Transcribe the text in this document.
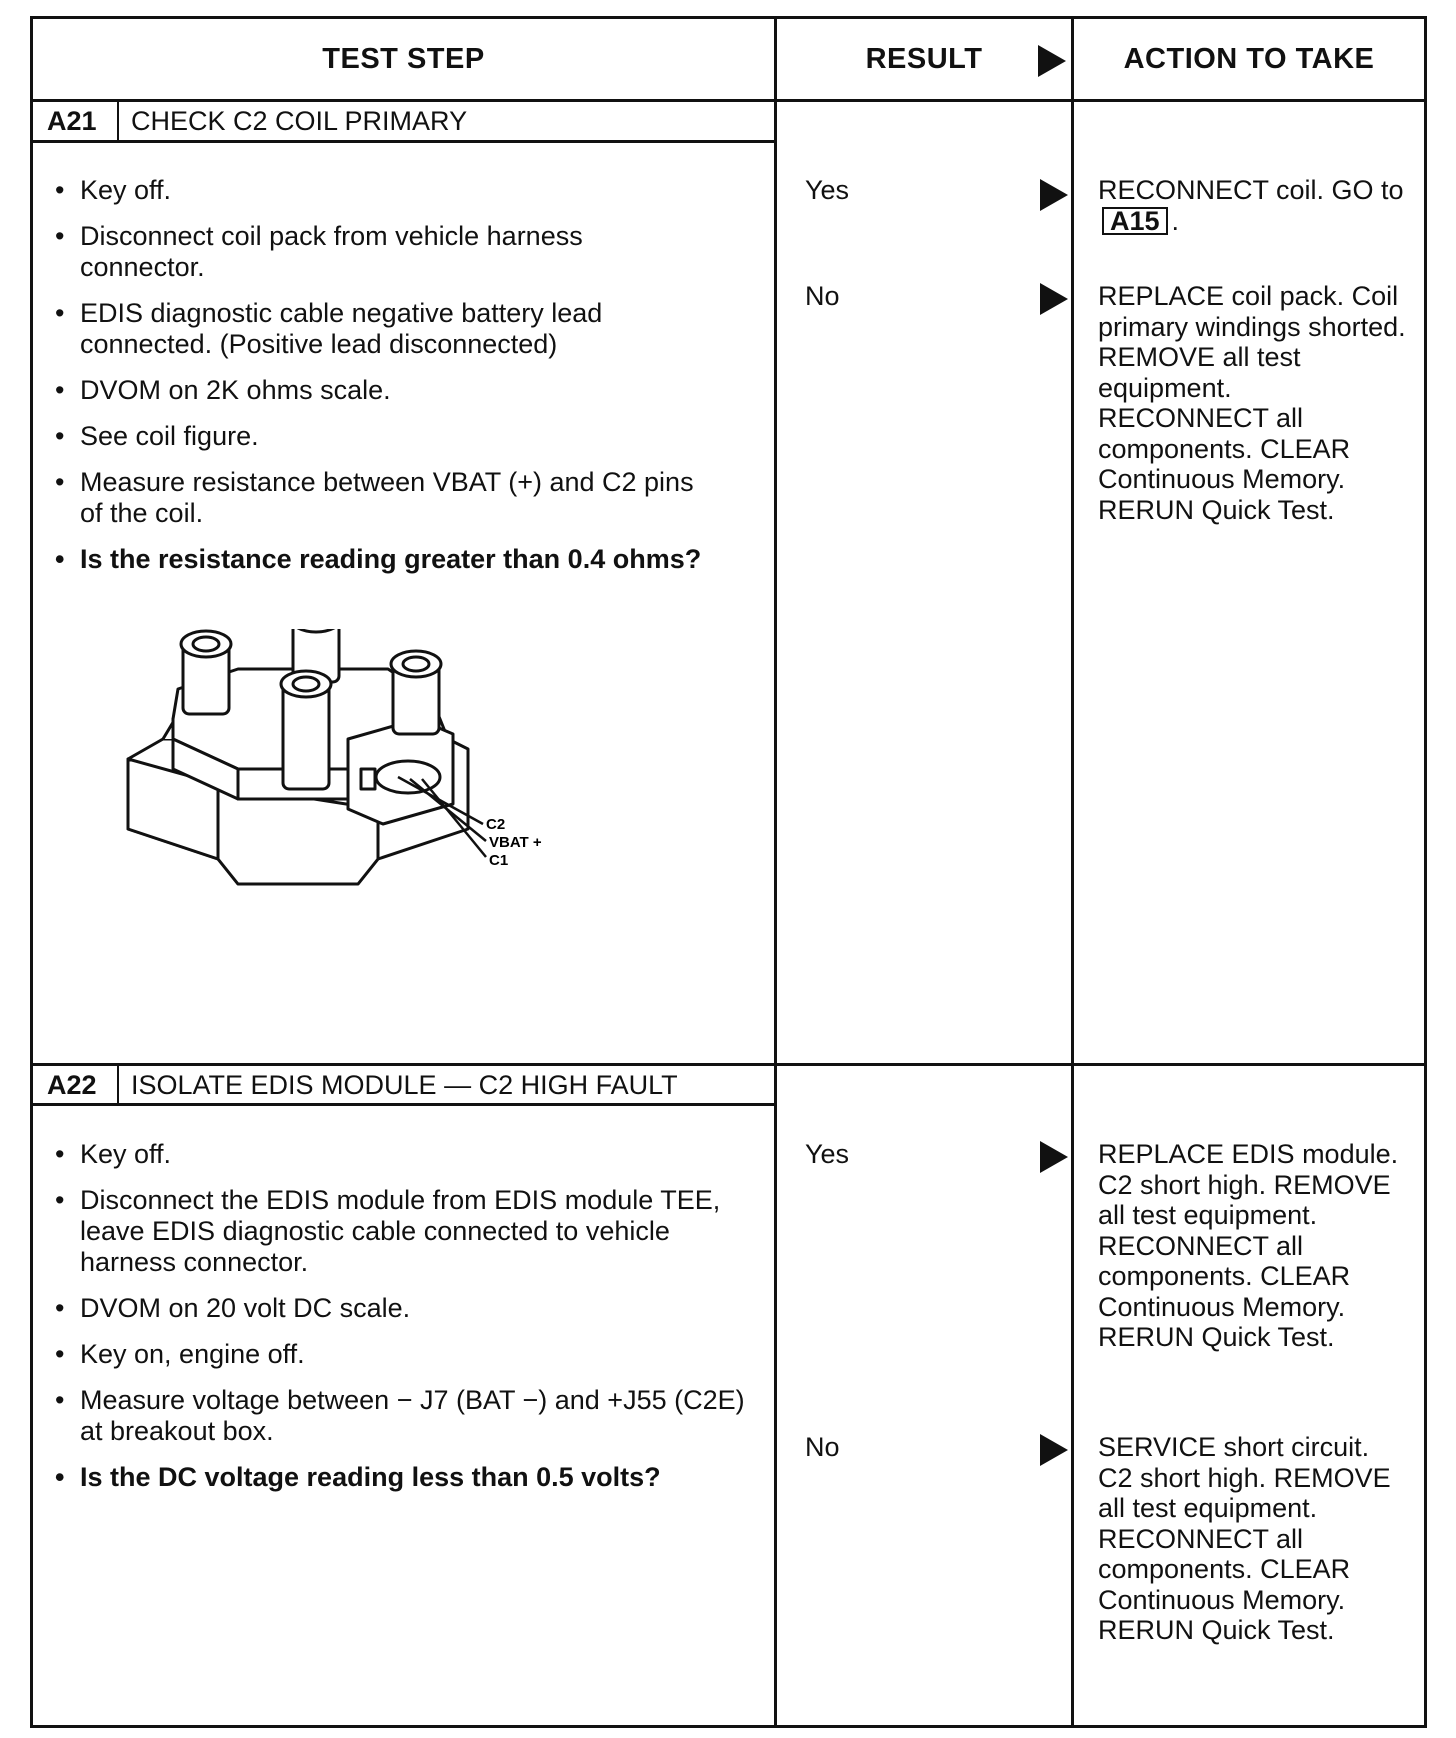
TEST STEP	RESULT	ACTION TO TAKE
A21 CHECK C2 COIL PRIMARY
• Key off.
• Disconnect coil pack from vehicle harness connector.
• EDIS diagnostic cable negative battery lead connected. (Positive lead disconnected)
• DVOM on 2K ohms scale.
• See coil figure.
• Measure resistance between VBAT (+) and C2 pins of the coil.
• Is the resistance reading greater than 0.4 ohms?
C2
VBAT +
C1
Yes	RECONNECT coil. GO toA15 .
No	REPLACE coil pack. Coil primary windings shorted. REMOVE all test equipment. RECONNECT all components. CLEAR Continuous Memory. RERUN Quick Test.
A22 ISOLATE EDIS MODULE — C2 HIGH FAULT
• Key off.
• Disconnect the EDIS module from EDIS module TEE, leave EDIS diagnostic cable connected to vehicle harness connector.
• DVOM on 20 volt DC scale.
• Key on, engine off.
• Measure voltage between − J7 (BAT −) and +J55 (C2E) at breakout box.
• Is the DC voltage reading less than 0.5 volts?
Yes	REPLACE EDIS module. C2 short high. REMOVE all test equipment. RECONNECT all components. CLEAR Continuous Memory. RERUN Quick Test.
No	SERVICE short circuit. C2 short high. REMOVE all test equipment. RECONNECT all components. CLEAR Continuous Memory. RERUN Quick Test.
